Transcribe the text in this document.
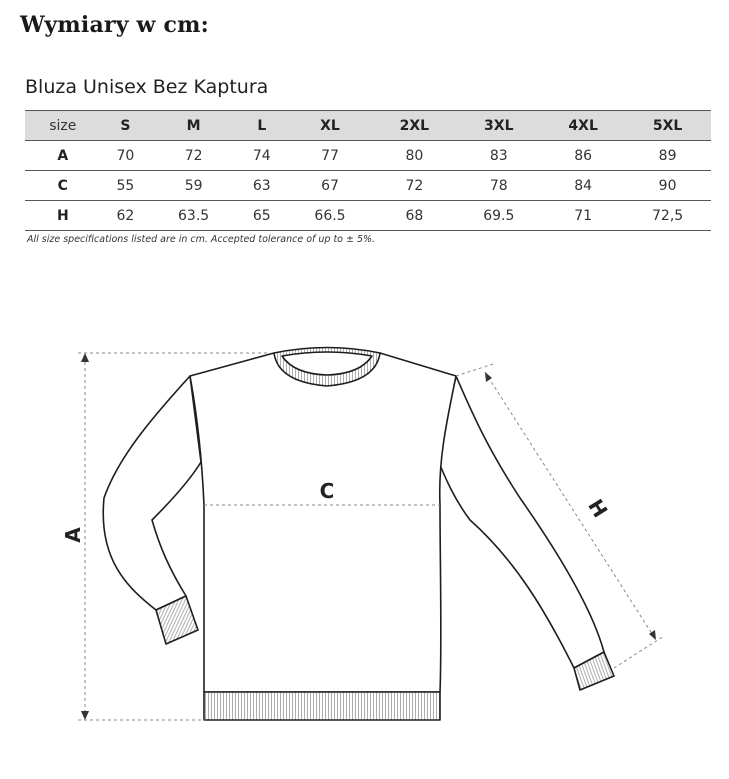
Wymiary w cm:
Bluza Unisex Bez Kaptura
size	S	M	L	XL	2XL	3XL	4XL	5XL
A	70	72	74	77	80	83	86	89
C	55	59	63	67	72	78	84	90
H	62	63.5	65	66.5	68	69.5	71	72,5
All size specifications listed are in cm. Accepted tolerance of up to ± 5%.
C
A
H
